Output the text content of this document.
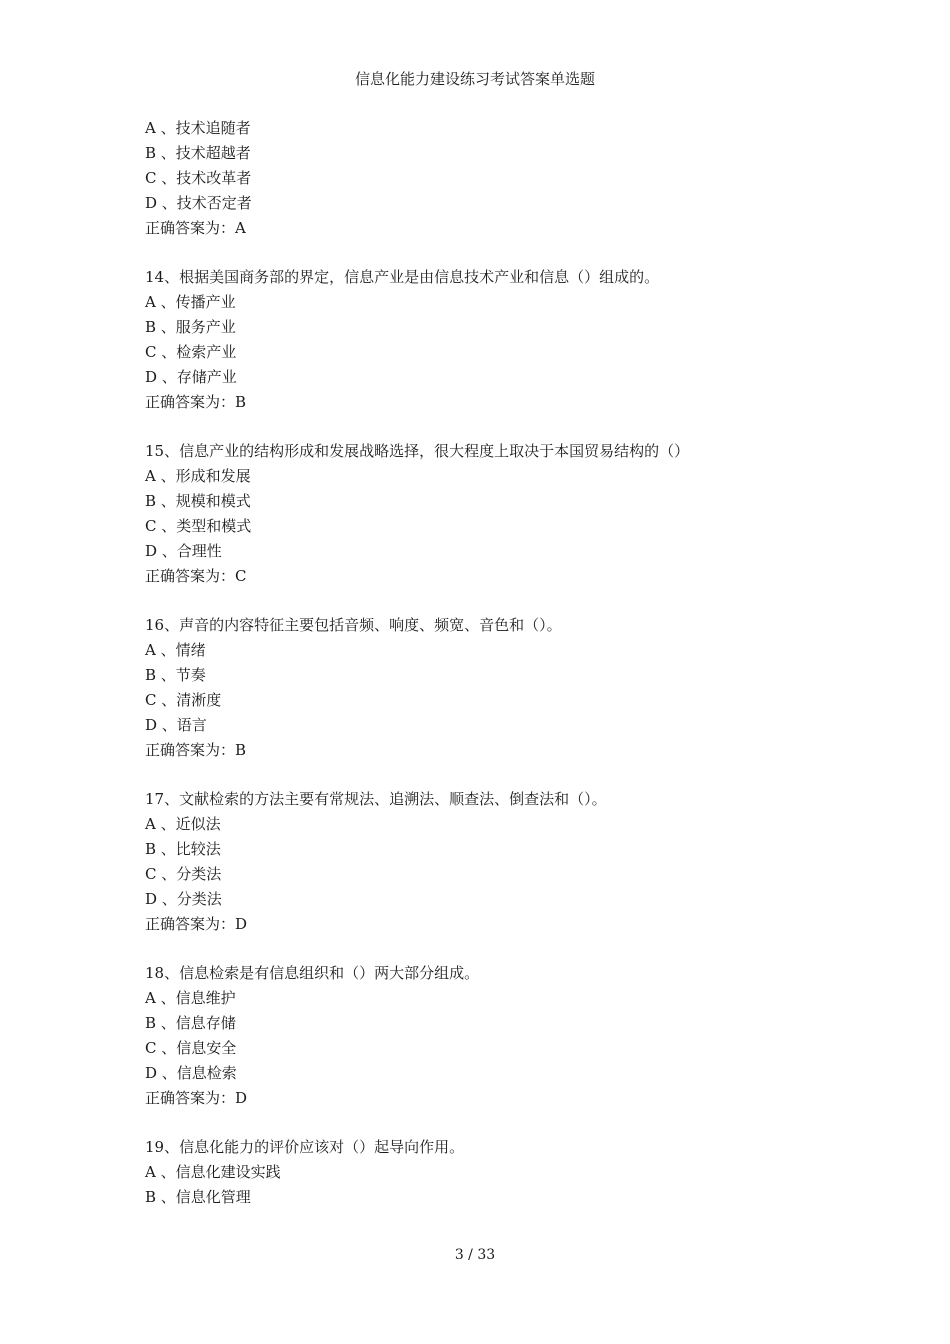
信息化能力建设练习考试答案单选题
A 、技术追随者
B 、技术超越者
C 、技术改革者
D 、技术否定者
正确答案为：A
14、根据美国商务部的界定，信息产业是由信息技术产业和信息（）组成的。
A 、传播产业
B 、服务产业
C 、检索产业
D 、存储产业
正确答案为：B
15、信息产业的结构形成和发展战略选择，很大程度上取决于本国贸易结构的（）
A 、形成和发展
B 、规模和模式
C 、类型和模式
D 、合理性
正确答案为：C
16、声音的内容特征主要包括音频、响度、频宽、音色和（）。
A 、情绪
B 、节奏
C 、清淅度
D 、语言
正确答案为：B
17、文献检索的方法主要有常规法、追溯法、顺查法、倒查法和（）。
A 、近似法
B 、比较法
C 、分类法
D 、分类法
正确答案为：D
18、信息检索是有信息组织和（）两大部分组成。
A 、信息维护
B 、信息存储
C 、信息安全
D 、信息检索
正确答案为：D
19、信息化能力的评价应该对（）起导向作用。
A 、信息化建设实践
B 、信息化管理
3 / 33
